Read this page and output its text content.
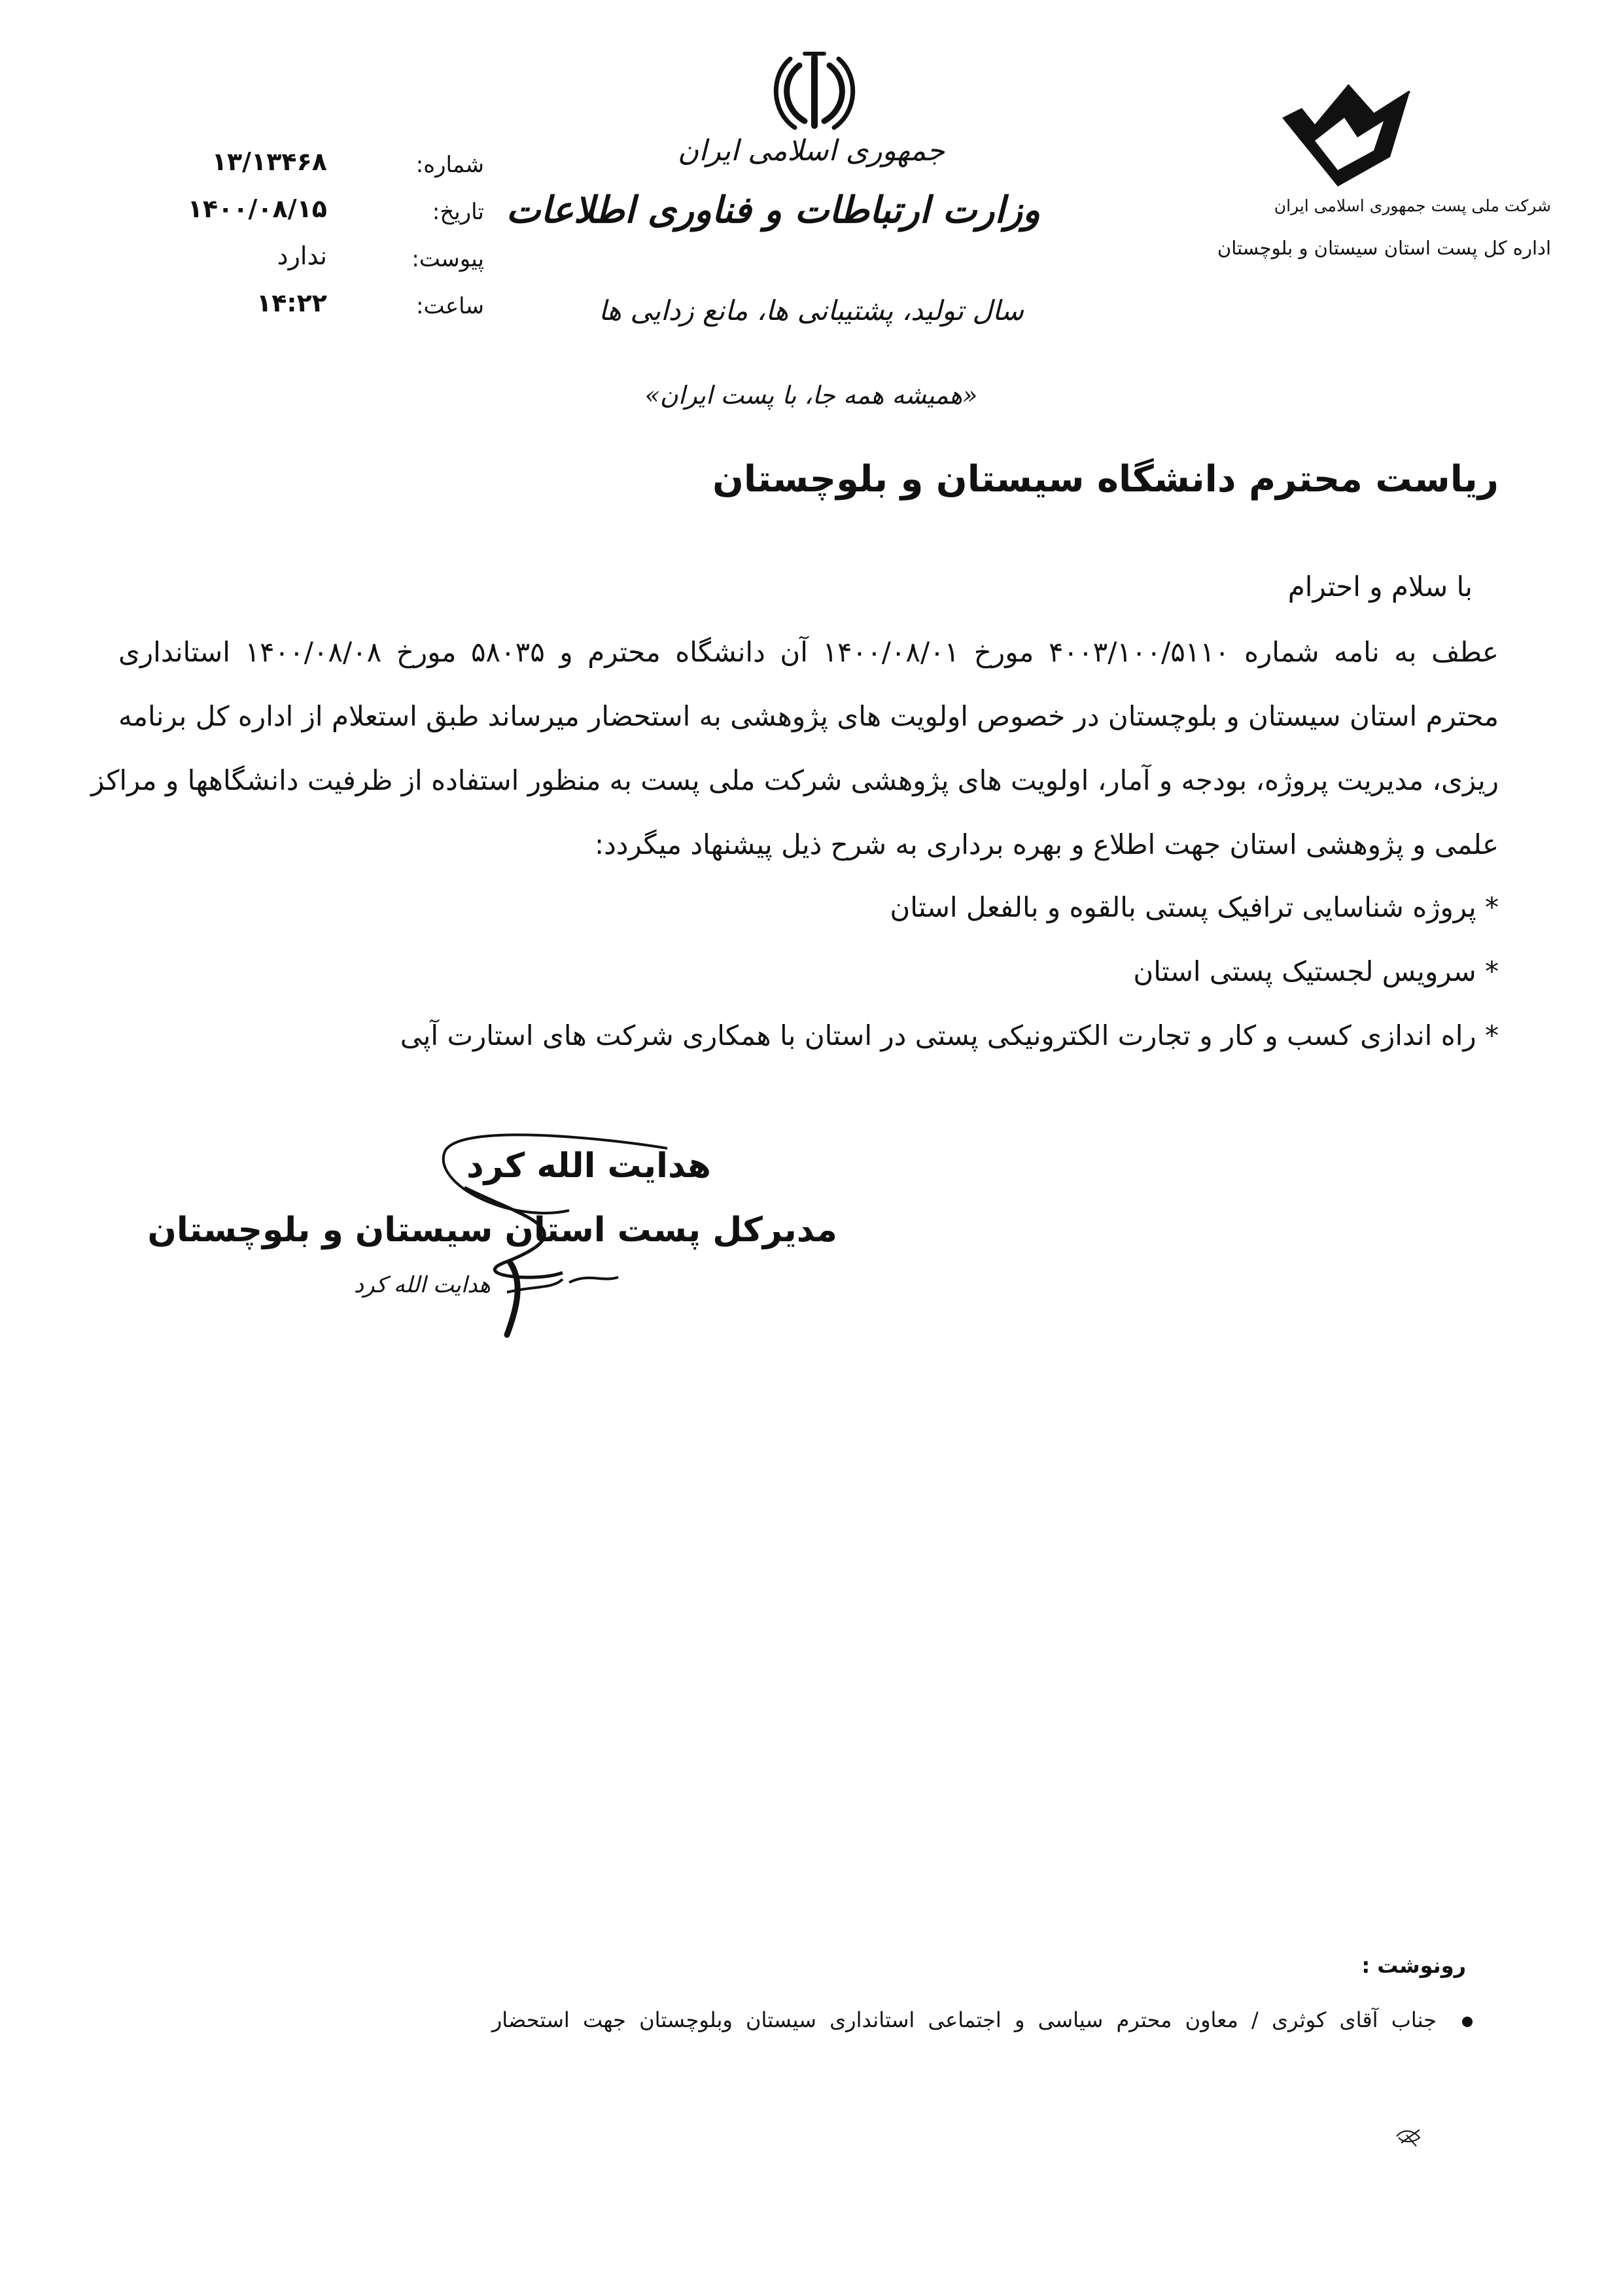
شرکت ملی پست جمهوری اسلامی ایران
اداره کل پست استان سیستان و بلوچستان
جمهوری اسلامی ایران
وزارت ارتباطات و فناوری اطلاعات
سال تولید، پشتیبانی ها، مانع زدایی ها
«همیشه همه جا، با پست ایران»
شماره:
۱۳/۱۳۴۶۸
تاریخ:
۱۴۰۰/۰۸/۱۵
پیوست:
ندارد
ساعت:
۱۴:۲۲
ریاست محترم دانشگاه سیستان و بلوچستان
با سلام و احترام
عطف به نامه شماره ۴۰۰۳/۱۰۰/۵۱۱۰ مورخ ۱۴۰۰/۰۸/۰۱ آن دانشگاه محترم و ۵۸۰۳۵ مورخ ۱۴۰۰/۰۸/۰۸ استانداری
محترم استان سیستان و بلوچستان در خصوص اولویت های پژوهشی به استحضار میرساند طبق استعلام از اداره کل برنامه
ریزی، مدیریت پروژه، بودجه و آمار، اولویت های پژوهشی شرکت ملی پست به منظور استفاده از ظرفیت دانشگاهها و مراکز
علمی و پژوهشی استان جهت اطلاع و بهره برداری به شرح ذیل پیشنهاد میگردد:
* پروژه شناسایی ترافیک پستی بالقوه و بالفعل استان
* سرویس لجستیک پستی استان
* راه اندازی کسب و کار و تجارت الکترونیکی پستی در استان با همکاری شرکت های استارت آپی
هدایت الله کرد
مدیرکل پست استان سیستان و بلوچستان
هدایت الله کرد
رونوشت :
جناب آقای کوثری / معاون محترم سیاسی و اجتماعی استانداری سیستان وبلوچستان جهت استحضار
